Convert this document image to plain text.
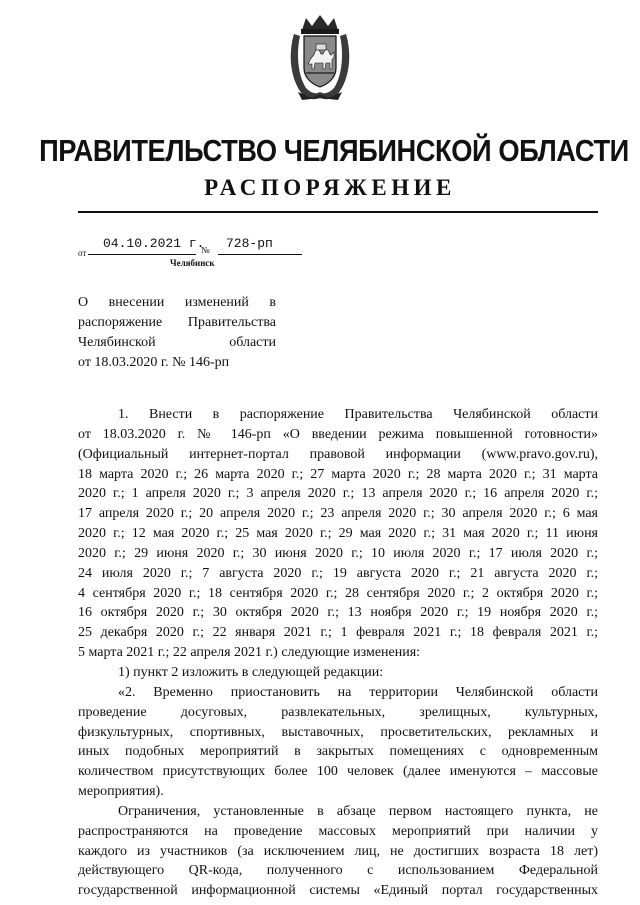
ПРАВИТЕЛЬСТВО ЧЕЛЯБИНСКОЙ ОБЛАСТИ
РАСПОРЯЖЕНИЕ
от
04.10.2021 г.
№ 728-рп
Челябинск
О внесении изменений в
распоряжение Правительства
Челябинской области
от 18.03.2020 г. № 146-рп
1. Внести в распоряжение Правительства Челябинской области
от 18.03.2020 г. № 146-рп «О введении режима повышенной готовности»
(Официальный интернет-портал правовой информации (www.pravo.gov.ru),
18 марта 2020 г.; 26 марта 2020 г.; 27 марта 2020 г.; 28 марта 2020 г.; 31 марта
2020 г.; 1 апреля 2020 г.; 3 апреля 2020 г.; 13 апреля 2020 г.; 16 апреля 2020 г.;
17 апреля 2020 г.; 20 апреля 2020 г.; 23 апреля 2020 г.; 30 апреля 2020 г.; 6 мая
2020 г.; 12 мая 2020 г.; 25 мая 2020 г.; 29 мая 2020 г.; 31 мая 2020 г.; 11 июня
2020 г.; 29 июня 2020 г.; 30 июня 2020 г.; 10 июля 2020 г.; 17 июля 2020 г.;
24 июля 2020 г.; 7 августа 2020 г.; 19 августа 2020 г.; 21 августа 2020 г.;
4 сентября 2020 г.; 18 сентября 2020 г.; 28 сентября 2020 г.; 2 октября 2020 г.;
16 октября 2020 г.; 30 октября 2020 г.; 13 ноября 2020 г.; 19 ноября 2020 г.;
25 декабря 2020 г.; 22 января 2021 г.; 1 февраля 2021 г.; 18 февраля 2021 г.;
5 марта 2021 г.; 22 апреля 2021 г.) следующие изменения:
1) пункт 2 изложить в следующей редакции:
«2. Временно приостановить на территории Челябинской области
проведение досуговых, развлекательных, зрелищных, культурных,
физкультурных, спортивных, выставочных, просветительских, рекламных и
иных подобных мероприятий в закрытых помещениях с одновременным
количеством присутствующих более 100 человек (далее именуются – массовые
мероприятия).
Ограничения, установленные в абзаце первом настоящего пункта, не
распространяются на проведение массовых мероприятий при наличии у
каждого из участников (за исключением лиц, не достигших возраста 18 лет)
действующего QR-кода, полученного с использованием Федеральной
государственной информационной системы «Единый портал государственных
